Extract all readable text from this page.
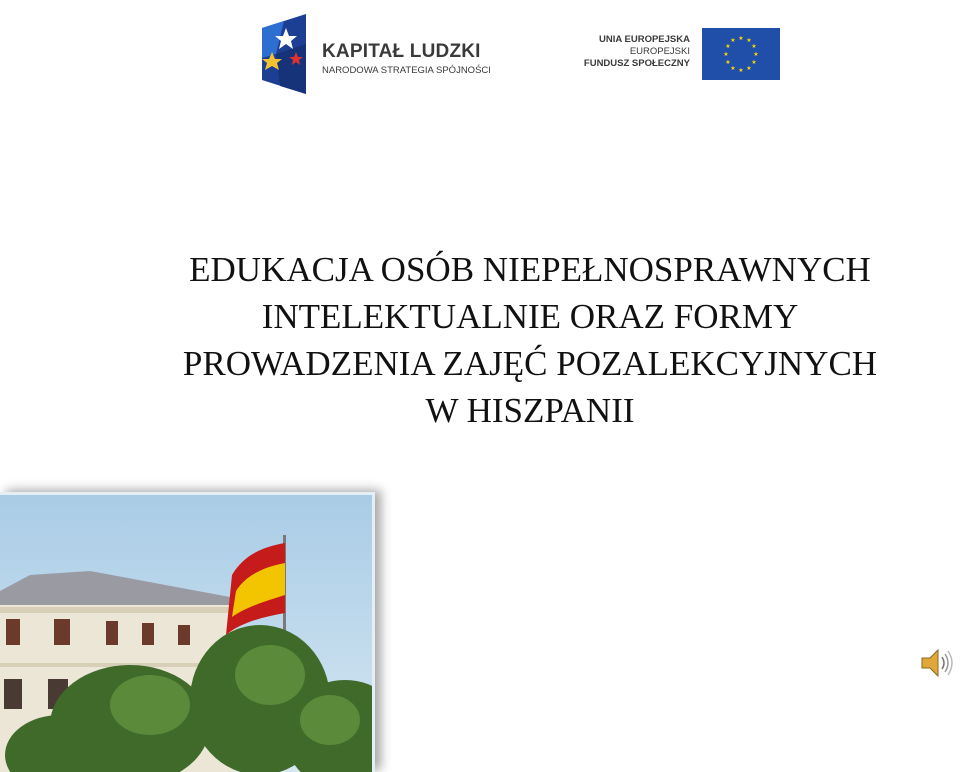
KAPITAŁ LUDZKI
NARODOWA STRATEGIA SPÓJNOŚCI
UNIA EUROPEJSKA
EUROPEJSKI
FUNDUSZ SPOŁECZNY
★ ★
★
★
★
★
★
★
★
★
★
★
EDUKACJA OSÓB NIEPEŁNOSPRAWNYCH
INTELEKTUALNIE ORAZ FORMY
PROWADZENIA ZAJĘĆ POZALEKCYJNYCH
W HISZPANII
